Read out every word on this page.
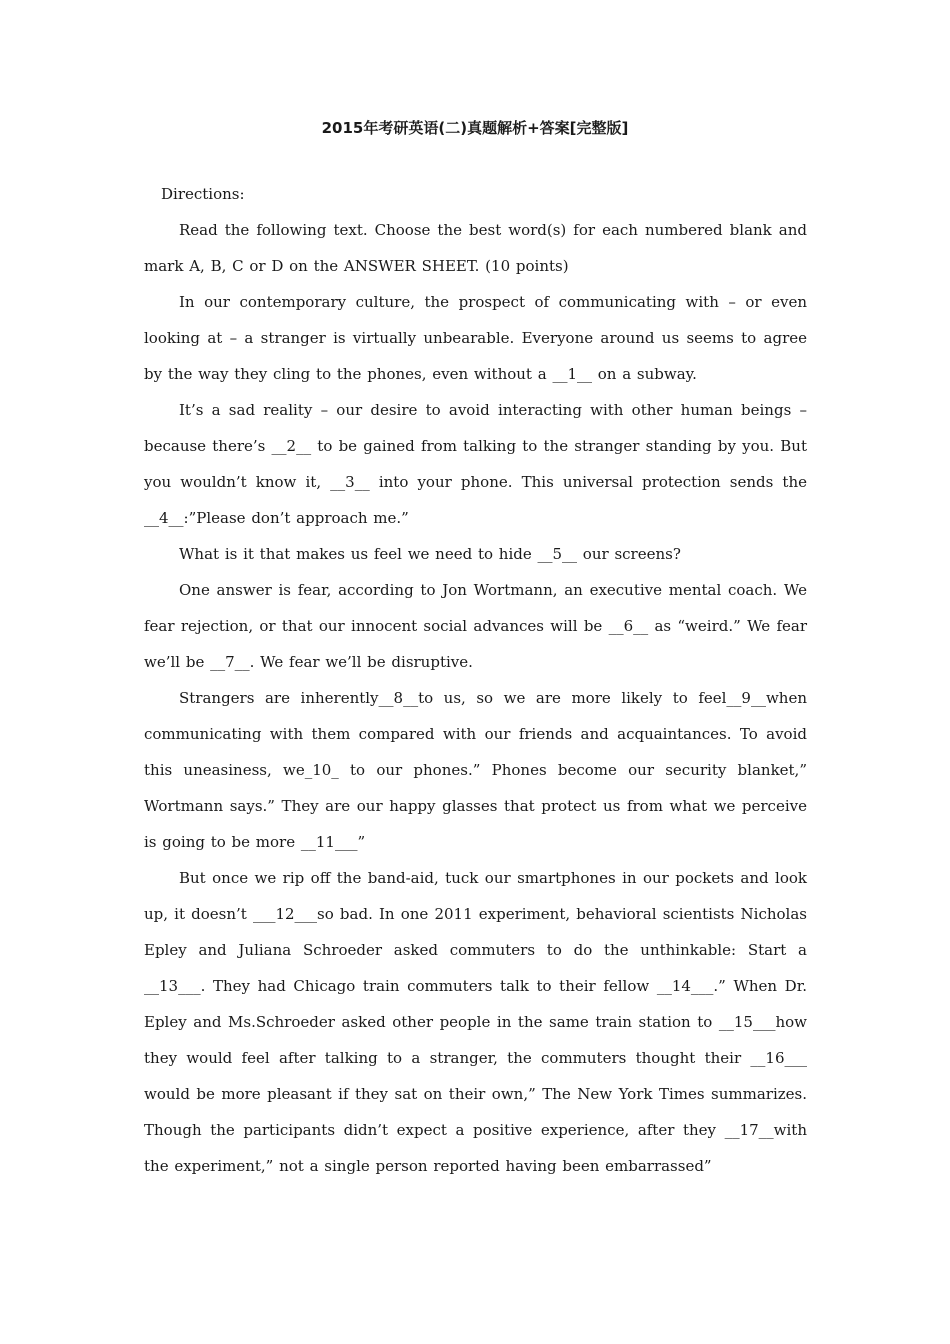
2015年考研英语(二)真题解析+答案[完整版]

Directions:

Read the following text. Choose the best word(s) for each numbered blank and mark A, B, C or D on the ANSWER SHEET. (10 points)

In our contemporary culture, the prospect of communicating with – or even looking at – a stranger is virtually unbearable. Everyone around us seems to agree by the way they cling to the phones, even without a __1__ on a subway.

It’s a sad reality – our desire to avoid interacting with other human beings – because there’s __2__ to be gained from talking to the stranger standing by you. But you wouldn’t know it, __3__ into your phone. This universal protection sends the __4__:”Please don’t approach me.”

What is it that makes us feel we need to hide __5__ our screens?

One answer is fear, according to Jon Wortmann, an executive mental coach. We fear rejection, or that our innocent social advances will be __6__ as “weird.” We fear we’ll be __7__. We fear we’ll be disruptive.

Strangers are inherently__8__to us, so we are more likely to feel__9__when communicating with them compared with our friends and acquaintances. To avoid this uneasiness, we_10_ to our phones.” Phones become our security blanket,” Wortmann says.” They are our happy glasses that protect us from what we perceive is going to be more __11___”

But once we rip off the band-aid, tuck our smartphones in our pockets and look up, it doesn’t ___12___so bad. In one 2011 experiment, behavioral scientists Nicholas Epley and Juliana Schroeder asked commuters to do the unthinkable: Start a __13___. They had Chicago train commuters talk to their fellow __14___.” When Dr. Epley and Ms.Schroeder asked other people in the same train station to __15___how they would feel after talking to a stranger, the commuters thought their __16___ would be more pleasant if they sat on their own,” The New York Times summarizes. Though the participants didn’t expect a positive experience, after they __17__with the experiment,” not a single person reported having been embarrassed”
